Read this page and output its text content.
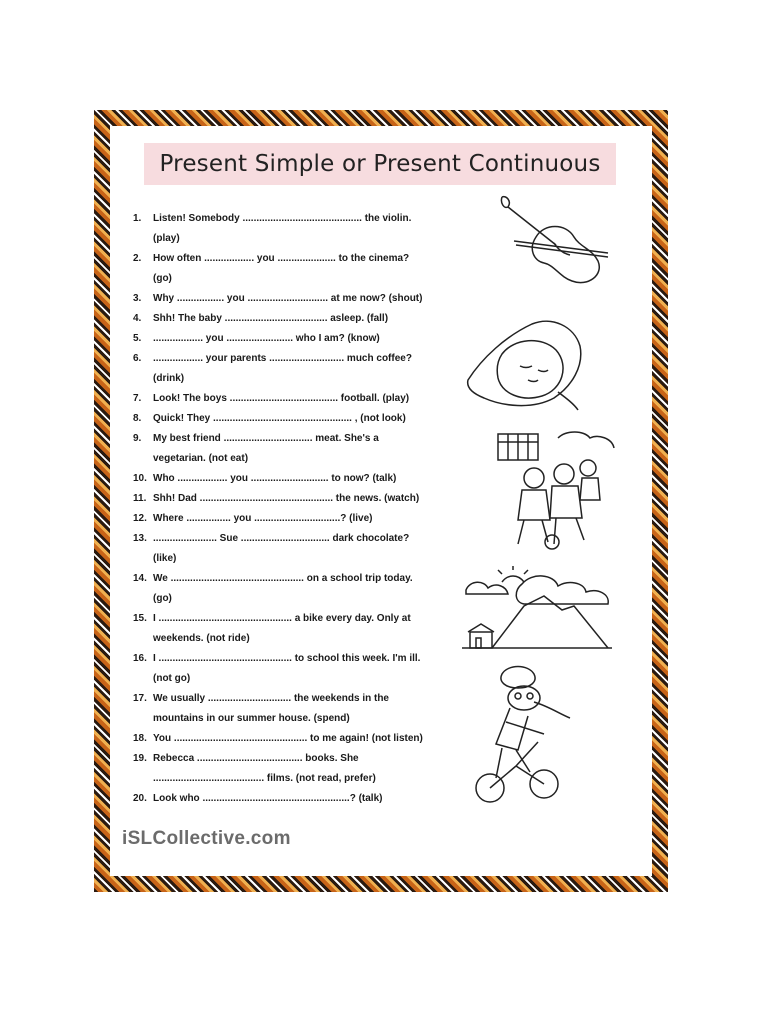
Present Simple or Present Continuous
1. Listen! Somebody ........................................... the violin.
(play)
2. How often .................. you ..................... to the cinema?
(go)
3. Why ................. you ............................. at me now? (shout)
4. Shh! The baby ..................................... asleep. (fall)
5. .................. you ........................ who I am? (know)
6. .................. your parents ........................... much coffee?
(drink)
7. Look! The boys ....................................... football. (play)
8. Quick! They .................................................. , (not look)
9. My best friend ................................ meat. She's a
vegetarian. (not eat)
10. Who .................. you ............................ to now? (talk)
11. Shh! Dad ................................................ the news. (watch)
12. Where ................ you ...............................? (live)
13. ....................... Sue ................................ dark chocolate?
(like)
14. We ................................................ on a school trip today.
(go)
15. I ................................................ a bike every day. Only at
weekends. (not ride)
16. I ................................................ to school this week. I'm ill.
(not go)
17. We usually .............................. the weekends in the
mountains in our summer house. (spend)
18. You ................................................ to me again! (not listen)
19. Rebecca ...................................... books. She
........................................ films. (not read, prefer)
20. Look who .....................................................? (talk)

iSLCollective.com
